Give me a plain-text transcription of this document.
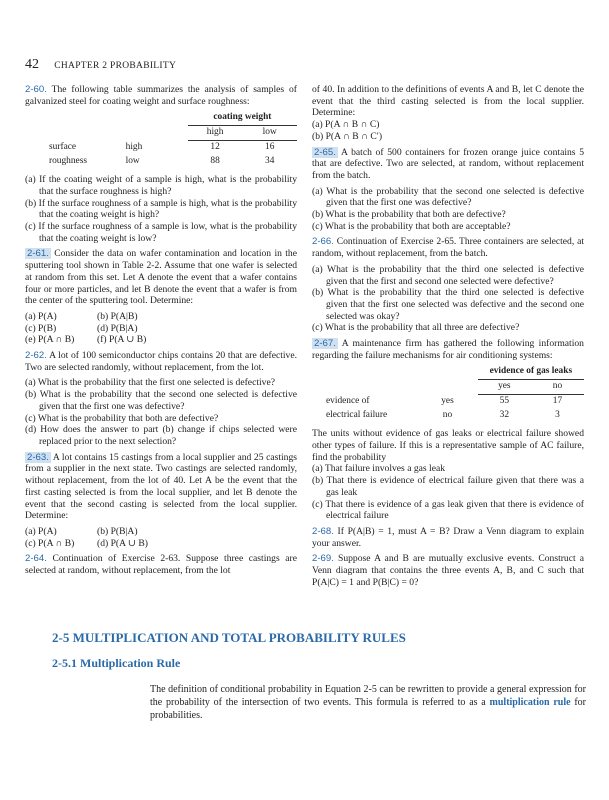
42 CHAPTER 2 PROBABILITY

2-60. The following table summarizes the analysis of samples of galvanized steel for coating weight and surface roughness:

		coating weight	
		high	low
surface	high	12	16
roughness	low	88	34
(a) If the coating weight of a sample is high, what is the probability that the surface roughness is high?
(b) If the surface roughness of a sample is high, what is the probability that the coating weight is high?
(c) If the surface roughness of a sample is low, what is the probability that the coating weight is low?

2-61. Consider the data on wafer contamination and location in the sputtering tool shown in Table 2-2. Assume that one wafer is selected at random from this set. Let A denote the event that a wafer contains four or more particles, and let B denote the event that a wafer is from the center of the sputtering tool. Determine:

(a) P(A)	(b) P(A|B)
(c) P(B)	(d) P(B|A)
(e) P(A ∩ B)	(f) P(A ∪ B)

2-62. A lot of 100 semiconductor chips contains 20 that are defective. Two are selected randomly, without replacement, from the lot.

(a) What is the probability that the first one selected is defective?
(b) What is the probability that the second one selected is defective given that the first one was defective?
(c) What is the probability that both are defective?
(d) How does the answer to part (b) change if chips selected were replaced prior to the next selection?

2-63. A lot contains 15 castings from a local supplier and 25 castings from a supplier in the next state. Two castings are selected randomly, without replacement, from the lot of 40. Let A be the event that the first casting selected is from the local supplier, and let B denote the event that the second casting is selected from the local supplier. Determine:

(a) P(A)	(b) P(B|A)
(c) P(A ∩ B)	(d) P(A ∪ B)

2-64. Continuation of Exercise 2-63. Suppose three castings are selected at random, without replacement, from the lot

of 40. In addition to the definitions of events A and B, let C denote the event that the third casting selected is from the local supplier. Determine:

(a) P(A ∩ B ∩ C)
(b) P(A ∩ B ∩ C′)

2-65. A batch of 500 containers for frozen orange juice contains 5 that are defective. Two are selected, at random, without replacement from the batch.

(a) What is the probability that the second one selected is defective given that the first one was defective?
(b) What is the probability that both are defective?
(c) What is the probability that both are acceptable?

2-66. Continuation of Exercise 2-65. Three containers are selected, at random, without replacement, from the batch.

(a) What is the probability that the third one selected is defective given that the first and second one selected were defective?
(b) What is the probability that the third one selected is defective given that the first one selected was defective and the second one selected was okay?
(c) What is the probability that all three are defective?

2-67. A maintenance firm has gathered the following information regarding the failure mechanisms for air conditioning systems:

		evidence of gas leaks	
		yes	no
evidence of	yes	55	17
electrical failure	no	32	3

The units without evidence of gas leaks or electrical failure showed other types of failure. If this is a representative sample of AC failure, find the probability

(a) That failure involves a gas leak
(b) That there is evidence of electrical failure given that there was a gas leak
(c) That there is evidence of a gas leak given that there is evidence of electrical failure

2-68. If P(A|B) = 1, must A = B? Draw a Venn diagram to explain your answer.

2-69. Suppose A and B are mutually exclusive events. Construct a Venn diagram that contains the three events A, B, and C such that P(A|C) = 1 and P(B|C) = 0?

2-5 MULTIPLICATION AND TOTAL PROBABILITY RULES
2-5.1 Multiplication Rule
The definition of conditional probability in Equation 2-5 can be rewritten to provide a general expression for the probability of the intersection of two events. This formula is referred to as a multiplication rule for probabilities.
